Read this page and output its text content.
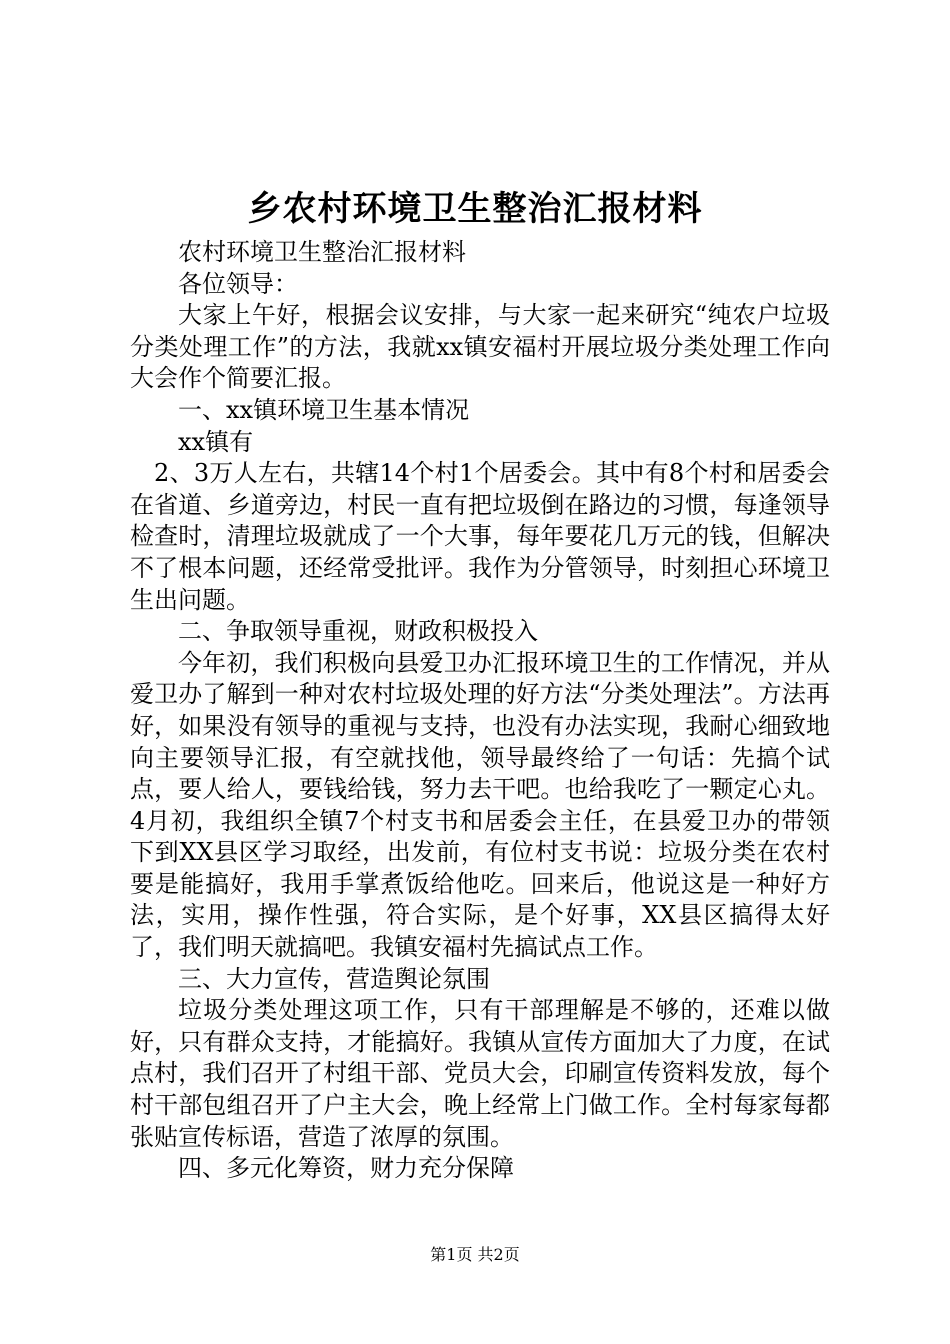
乡农村环境卫生整治汇报材料

农村环境卫生整治汇报材料

各位领导：

大家上午好，根据会议安排，与大家一起来研究“纯农户垃圾分类处理工作”的方法，我就xx镇安福村开展垃圾分类处理工作向大会作个简要汇报。

一、xx镇环境卫生基本情况

xx镇有

2、3万人左右，共辖14个村1个居委会。其中有8个村和居委会在省道、乡道旁边，村民一直有把垃圾倒在路边的习惯，每逢领导检查时，清理垃圾就成了一个大事，每年要花几万元的钱，但解决不了根本问题，还经常受批评。我作为分管领导，时刻担心环境卫生出问题。

二、争取领导重视，财政积极投入

今年初，我们积极向县爱卫办汇报环境卫生的工作情况，并从爱卫办了解到一种对农村垃圾处理的好方法“分类处理法”。方法再好，如果没有领导的重视与支持，也没有办法实现，我耐心细致地向主要领导汇报，有空就找他，领导最终给了一句话：先搞个试点，要人给人，要钱给钱，努力去干吧。也给我吃了一颗定心丸。4月初，我组织全镇7个村支书和居委会主任，在县爱卫办的带领下到XX县区学习取经，出发前，有位村支书说：垃圾分类在农村要是能搞好，我用手掌煮饭给他吃。回来后，他说这是一种好方法，实用，操作性强，符合实际，是个好事，XX县区搞得太好了，我们明天就搞吧。我镇安福村先搞试点工作。

三、大力宣传，营造舆论氛围

垃圾分类处理这项工作，只有干部理解是不够的，还难以做好，只有群众支持，才能搞好。我镇从宣传方面加大了力度，在试点村，我们召开了村组干部、党员大会，印刷宣传资料发放，每个村干部包组召开了户主大会，晚上经常上门做工作。全村每家每都张贴宣传标语，营造了浓厚的氛围。

四、多元化筹资，财力充分保障

第1页 共2页
